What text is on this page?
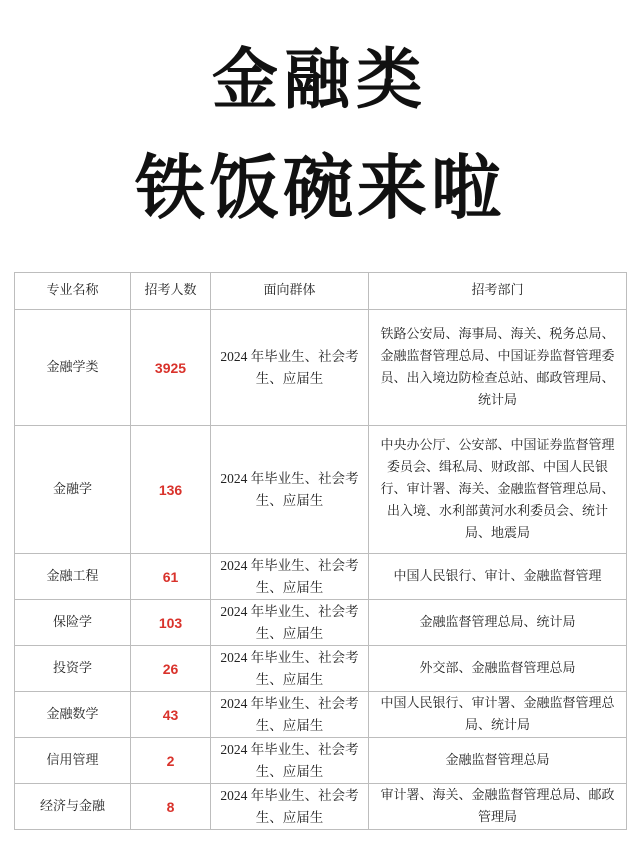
金融类
铁饭碗来啦
专业名称	招考人数	面向群体	招考部门
金融学类	3925	2024 年毕业生、社会考生、应届生	铁路公安局、海事局、海关、税务总局、金融监督管理总局、中国证券监督管理委员、出入境边防检查总站、邮政管理局、统计局
金融学	136	2024 年毕业生、社会考生、应届生	中央办公厅、公安部、中国证券监督管理委员会、缉私局、财政部、中国人民银行、审计署、海关、金融监督管理总局、出入境、水利部黄河水利委员会、统计局、地震局
金融工程	61	2024 年毕业生、社会考生、应届生	中国人民银行、审计、金融监督管理
保险学	103	2024 年毕业生、社会考生、应届生	金融监督管理总局、统计局
投资学	26	2024 年毕业生、社会考生、应届生	外交部、金融监督管理总局
金融数学	43	2024 年毕业生、社会考生、应届生	中国人民银行、审计署、金融监督管理总局、统计局
信用管理	2	2024 年毕业生、社会考生、应届生	金融监督管理总局
经济与金融	8	2024 年毕业生、社会考生、应届生	审计署、海关、金融监督管理总局、邮政管理局
